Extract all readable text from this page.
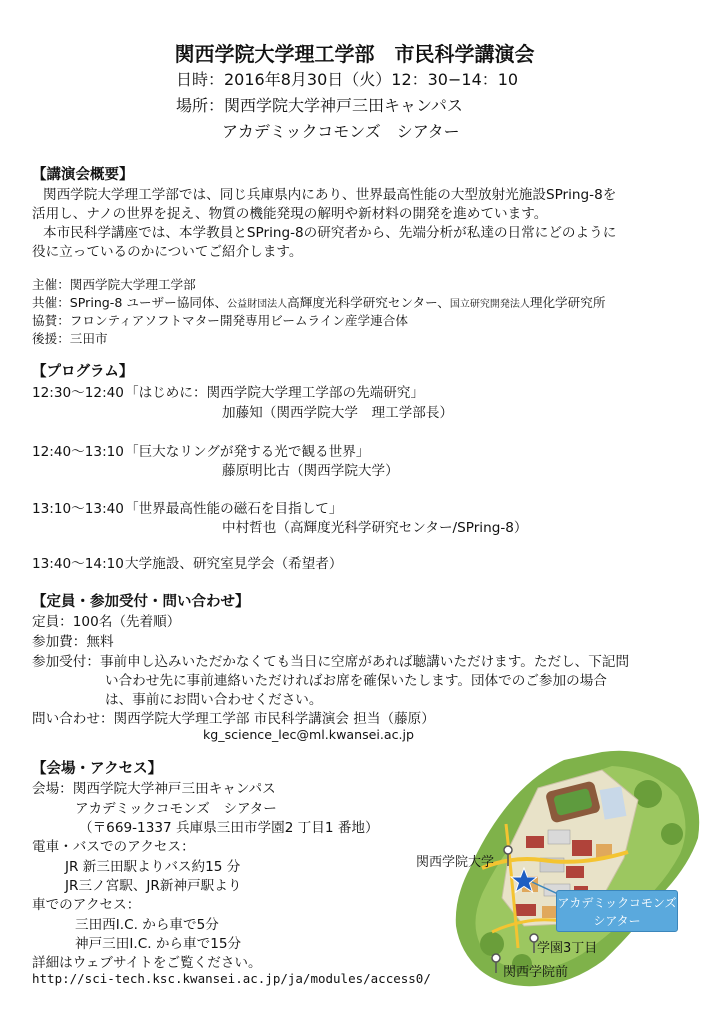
関西学院大学理工学部　市民科学講演会
日時：2016年8月30日（火）12：30−14：10
場所：関西学院大学神戸三田キャンパス
アカデミックコモンズ　シアター
【講演会概要】
関西学院大学理工学部では、同じ兵庫県内にあり、世界最高性能の大型放射光施設SPring-8を
活用し、ナノの世界を捉え、物質の機能発現の解明や新材料の開発を進めています。
本市民科学講座では、本学教員とSPring-8の研究者から、先端分析が私達の日常にどのように
役に立っているのかについてご紹介します。
主催：関西学院大学理工学部
共催：SPring-8 ユーザー協同体、公益財団法人高輝度光科学研究センター、国立研究開発法人理化学研究所
協賛：フロンティアソフトマター開発専用ビームライン産学連合体
後援：三田市
【プログラム】
12:30～12:40 「はじめに：関西学院大学理工学部の先端研究」
加藤知（関西学院大学　理工学部長）
12:40～13:10 「巨大なリングが発する光で観る世界」
藤原明比古（関西学院大学）
13:10～13:40 「世界最高性能の磁石を目指して」
中村哲也（高輝度光科学研究センター/SPring-8）
13:40～14:10 大学施設、研究室見学会（希望者）
【定員・参加受付・問い合わせ】
定員：100名（先着順）
参加費：無料
参加受付：事前申し込みいただかなくても当日に空席があれば聴講いただけます。ただし、下記問
い合わせ先に事前連絡いただければお席を確保いたします。団体でのご参加の場合
は、事前にお問い合わせください。
問い合わせ：関西学院大学理工学部 市民科学講演会 担当（藤原）
kg_science_lec@ml.kwansei.ac.jp
【会場・アクセス】
会場：関西学院大学神戸三田キャンパス
アカデミックコモンズ　シアター
（〒669-1337 兵庫県三田市学園2 丁目1 番地）
電車・バスでのアクセス：
JR 新三田駅よりバス約15 分
JR三ノ宮駅、JR新神戸駅より
車でのアクセス：
三田西I.C. から車で5分
神戸三田I.C. から車で15分
詳細はウェブサイトをご覧ください。
http://sci-tech.ksc.kwansei.ac.jp/ja/modules/access0/
関西学院大学
アカデミックコモンズ
シアター
学園3丁目
関西学院前
